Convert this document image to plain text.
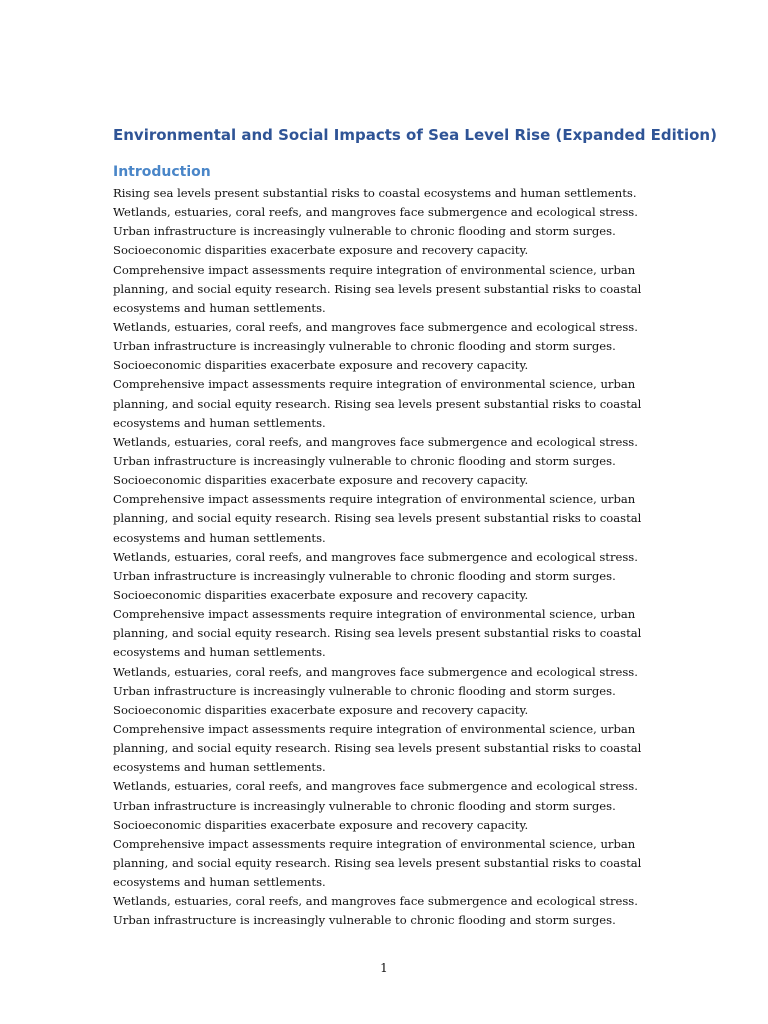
Environmental and Social Impacts of Sea Level Rise (Expanded Edition)
Introduction
Rising sea levels present substantial risks to coastal ecosystems and human settlements.
Wetlands, estuaries, coral reefs, and mangroves face submergence and ecological stress.
Urban infrastructure is increasingly vulnerable to chronic flooding and storm surges.
Socioeconomic disparities exacerbate exposure and recovery capacity.
Comprehensive impact assessments require integration of environmental science, urban
planning, and social equity research. Rising sea levels present substantial risks to coastal
ecosystems and human settlements.
Wetlands, estuaries, coral reefs, and mangroves face submergence and ecological stress.
Urban infrastructure is increasingly vulnerable to chronic flooding and storm surges.
Socioeconomic disparities exacerbate exposure and recovery capacity.
Comprehensive impact assessments require integration of environmental science, urban
planning, and social equity research. Rising sea levels present substantial risks to coastal
ecosystems and human settlements.
Wetlands, estuaries, coral reefs, and mangroves face submergence and ecological stress.
Urban infrastructure is increasingly vulnerable to chronic flooding and storm surges.
Socioeconomic disparities exacerbate exposure and recovery capacity.
Comprehensive impact assessments require integration of environmental science, urban
planning, and social equity research. Rising sea levels present substantial risks to coastal
ecosystems and human settlements.
Wetlands, estuaries, coral reefs, and mangroves face submergence and ecological stress.
Urban infrastructure is increasingly vulnerable to chronic flooding and storm surges.
Socioeconomic disparities exacerbate exposure and recovery capacity.
Comprehensive impact assessments require integration of environmental science, urban
planning, and social equity research. Rising sea levels present substantial risks to coastal
ecosystems and human settlements.
Wetlands, estuaries, coral reefs, and mangroves face submergence and ecological stress.
Urban infrastructure is increasingly vulnerable to chronic flooding and storm surges.
Socioeconomic disparities exacerbate exposure and recovery capacity.
Comprehensive impact assessments require integration of environmental science, urban
planning, and social equity research. Rising sea levels present substantial risks to coastal
ecosystems and human settlements.
Wetlands, estuaries, coral reefs, and mangroves face submergence and ecological stress.
Urban infrastructure is increasingly vulnerable to chronic flooding and storm surges.
Socioeconomic disparities exacerbate exposure and recovery capacity.
Comprehensive impact assessments require integration of environmental science, urban
planning, and social equity research. Rising sea levels present substantial risks to coastal
ecosystems and human settlements.
Wetlands, estuaries, coral reefs, and mangroves face submergence and ecological stress.
Urban infrastructure is increasingly vulnerable to chronic flooding and storm surges.
1
